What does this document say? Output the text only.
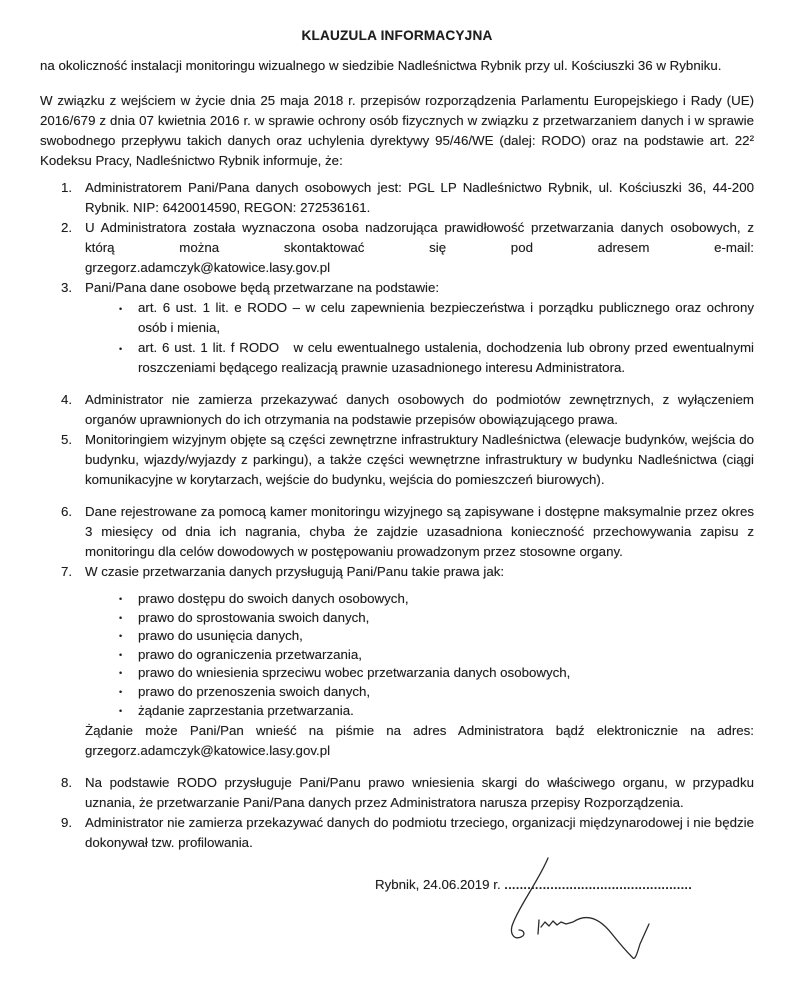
KLAUZULA INFORMACYJNA

na okoliczność instalacji monitoringu wizualnego w siedzibie Nadleśnictwa Rybnik przy ul. Kościuszki 36 w Rybniku.

W związku z wejściem w życie dnia 25 maja 2018 r. przepisów rozporządzenia Parlamentu Europejskiego i Rady (UE) 2016/679 z dnia 07 kwietnia 2016 r. w sprawie ochrony osób fizycznych w związku z przetwarzaniem danych i w sprawie swobodnego przepływu takich danych oraz uchylenia dyrektywy 95/46/WE (dalej: RODO) oraz na podstawie art. 22² Kodeksu Pracy, Nadleśnictwo Rybnik informuje, że:

1. Administratorem Pani/Pana danych osobowych jest: PGL LP Nadleśnictwo Rybnik, ul. Kościuszki 36, 44-200 Rybnik. NIP: 6420014590, REGON: 272536161.
2. U Administratora została wyznaczona osoba nadzorująca prawidłowość przetwarzania danych osobowych, z którą można skontaktować się pod adresem e-mail:
grzegorz.adamczyk@katowice.lasy.gov.pl
3. Pani/Pana dane osobowe będą przetwarzane na podstawie:
•	art. 6 ust. 1 lit. e RODO – w celu zapewnienia bezpieczeństwa i porządku publicznego oraz ochrony osób i mienia,
•	art. 6 ust. 1 lit. f RODO   w celu ewentualnego ustalenia, dochodzenia lub obrony przed ewentualnymi roszczeniami będącego realizacją prawnie uzasadnionego interesu Administratora.
4. Administrator nie zamierza przekazywać danych osobowych do podmiotów zewnętrznych, z wyłączeniem organów uprawnionych do ich otrzymania na podstawie przepisów obowiązującego prawa.
5. Monitoringiem wizyjnym objęte są części zewnętrzne infrastruktury Nadleśnictwa (elewacje budynków, wejścia do budynku, wjazdy/wyjazdy z parkingu), a także części wewnętrzne infrastruktury w budynku Nadleśnictwa (ciągi komunikacyjne w korytarzach, wejście do budynku, wejścia do pomieszczeń biurowych).
6. Dane rejestrowane za pomocą kamer monitoringu wizyjnego są zapisywane i dostępne maksymalnie przez okres 3 miesięcy od dnia ich nagrania, chyba że zajdzie uzasadniona konieczność przechowywania zapisu z monitoringu dla celów dowodowych w postępowaniu prowadzonym przez stosowne organy.
7. W czasie przetwarzania danych przysługują Pani/Panu takie prawa jak:
•	prawo dostępu do swoich danych osobowych,
•	prawo do sprostowania swoich danych,
•	prawo do usunięcia danych,
•	prawo do ograniczenia przetwarzania,
•	prawo do wniesienia sprzeciwu wobec przetwarzania danych osobowych,
•	prawo do przenoszenia swoich danych,
•	żądanie zaprzestania przetwarzania.
Żądanie może Pani/Pan wnieść na piśmie na adres Administratora bądź elektronicznie na adres:
grzegorz.adamczyk@katowice.lasy.gov.pl
8. Na podstawie RODO przysługuje Pani/Panu prawo wniesienia skargi do właściwego organu, w przypadku uznania, że przetwarzanie Pani/Pana danych przez Administratora narusza przepisy Rozporządzenia.
9. Administrator nie zamierza przekazywać danych do podmiotu trzeciego, organizacji międzynarodowej i nie będzie dokonywał tzw. profilowania.
Rybnik, 24.06.2019 r. .................................................
